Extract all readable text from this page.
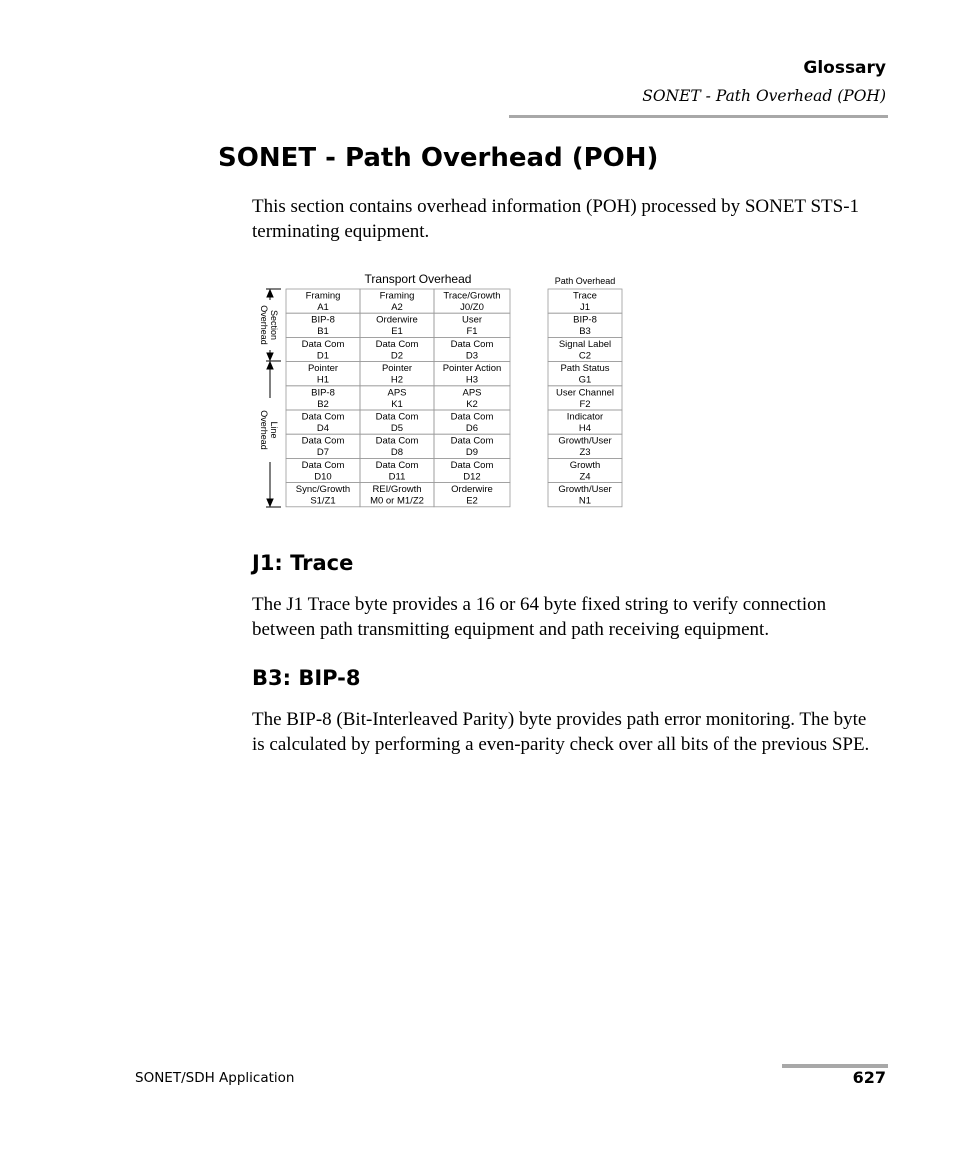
Glossary
SONET - Path Overhead (POH)
SONET - Path Overhead (POH)

This section contains overhead information (POH) processed by SONET STS-1 terminating equipment.

Transport Overhead	Path Overhead
SectionOverhead
LineOverhead
Framing
A1
Framing
A2
Trace/Growth
J0/Z0
BIP-8
B1
Orderwire
E1
User
F1
Data Com
D1
Data Com
D2
Data Com
D3
Pointer
H1
Pointer
H2
Pointer Action
H3
BIP-8
B2
APS
K1
APS
K2
Data Com
D4
Data Com
D5
Data Com
D6
Data Com
D7
Data Com
D8
Data Com
D9
Data Com
D10
Data Com
D11
Data Com
D12
Sync/Growth
S1/Z1
REI/Growth
M0 or M1/Z2
Orderwire
E2
Trace
J1
BIP-8
B3
Signal Label
C2
Path Status
G1
User Channel
F2
Indicator
H4
Growth/User
Z3
Growth
Z4
Growth/User
N1
J1: Trace

The J1 Trace byte provides a 16 or 64 byte fixed string to verify connection between path transmitting equipment and path receiving equipment.

B3: BIP-8

The BIP-8 (Bit-Interleaved Parity) byte provides path error monitoring. The byte is calculated by performing a even-parity check over all bits of the previous SPE.

SONET/SDH Application	627
